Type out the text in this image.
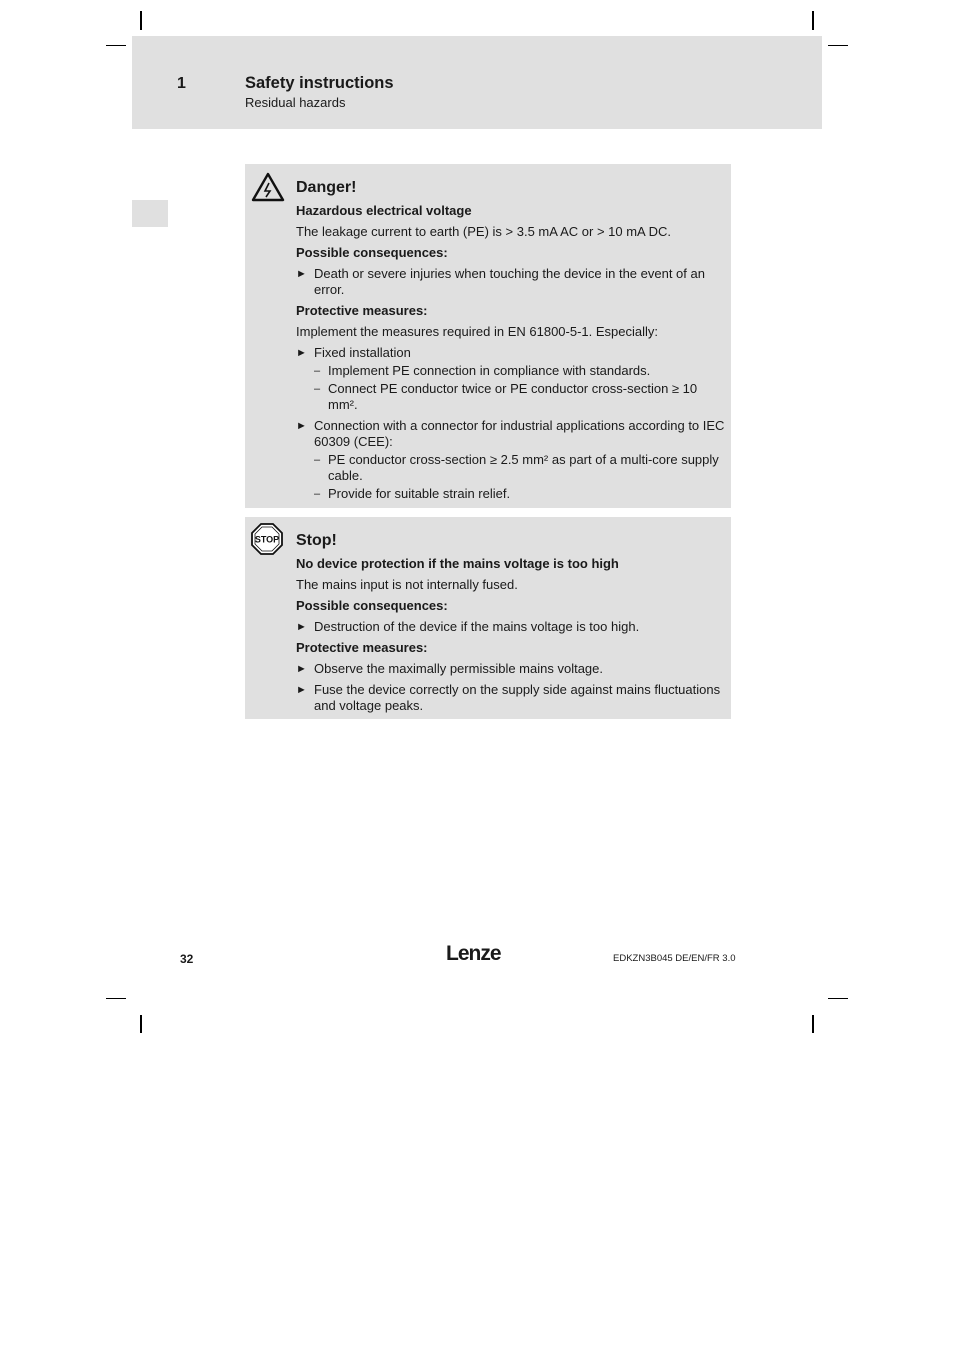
1	Safety instructions
Residual hazards
Danger!
Hazardous electrical voltage
The leakage current to earth (PE) is > 3.5 mA AC or > 10 mA DC.
Possible consequences:
► Death or severe injuries when touching the device in the event of an error.
Protective measures:
Implement the measures required in EN 61800-5-1. Especially:
► Fixed installation
– Implement PE connection in compliance with standards.
– Connect PE conductor twice or PE conductor cross-section ≥ 10 mm².
► Connection with a connector for industrial applications according to IEC 60309 (CEE):
– PE conductor cross-section ≥ 2.5 mm² as part of a multi-core supply cable.
– Provide for suitable strain relief.
STOP Stop!
No device protection if the mains voltage is too high
The mains input is not internally fused.
Possible consequences:
► Destruction of the device if the mains voltage is too high.
Protective measures:
► Observe the maximally permissible mains voltage.
► Fuse the device correctly on the supply side against mains fluctuations and voltage peaks.
32	Lenze	EDKZN3B045 DE/EN/FR 3.0
